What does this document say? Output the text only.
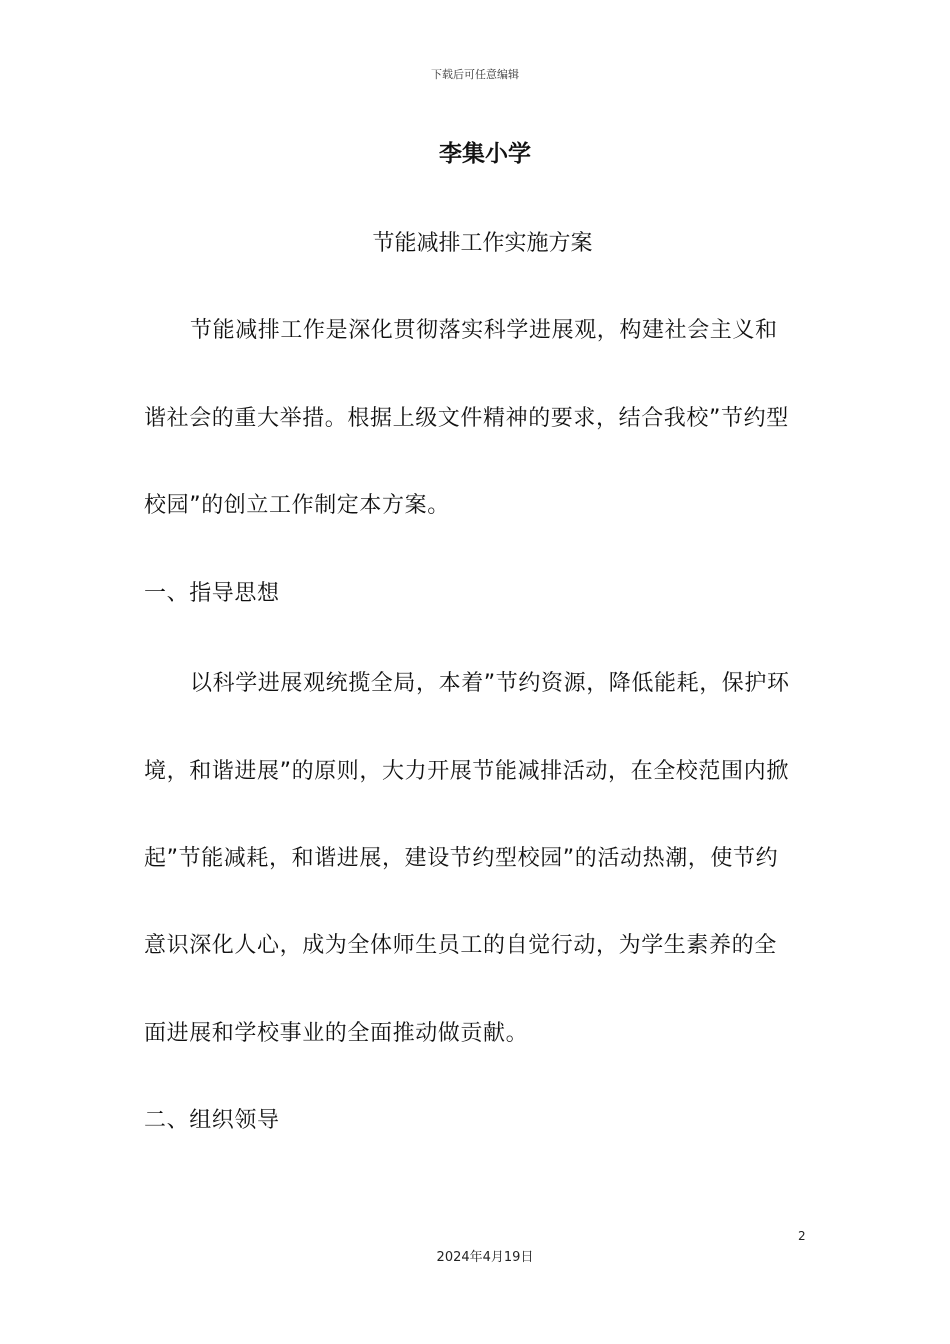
下载后可任意编辑
李集小学
节能减排工作实施方案
节能减排工作是深化贯彻落实科学进展观，构建社会主义和
谐社会的重大举措。根据上级文件精神的要求，结合我校”节约型
校园”的创立工作制定本方案。
一、指导思想
以科学进展观统揽全局，本着”节约资源，降低能耗，保护环
境，和谐进展”的原则，大力开展节能减排活动，在全校范围内掀
起”节能减耗，和谐进展，建设节约型校园”的活动热潮，使节约
意识深化人心，成为全体师生员工的自觉行动，为学生素养的全
面进展和学校事业的全面推动做贡献。
二、组织领导
2
2024年4月19日
